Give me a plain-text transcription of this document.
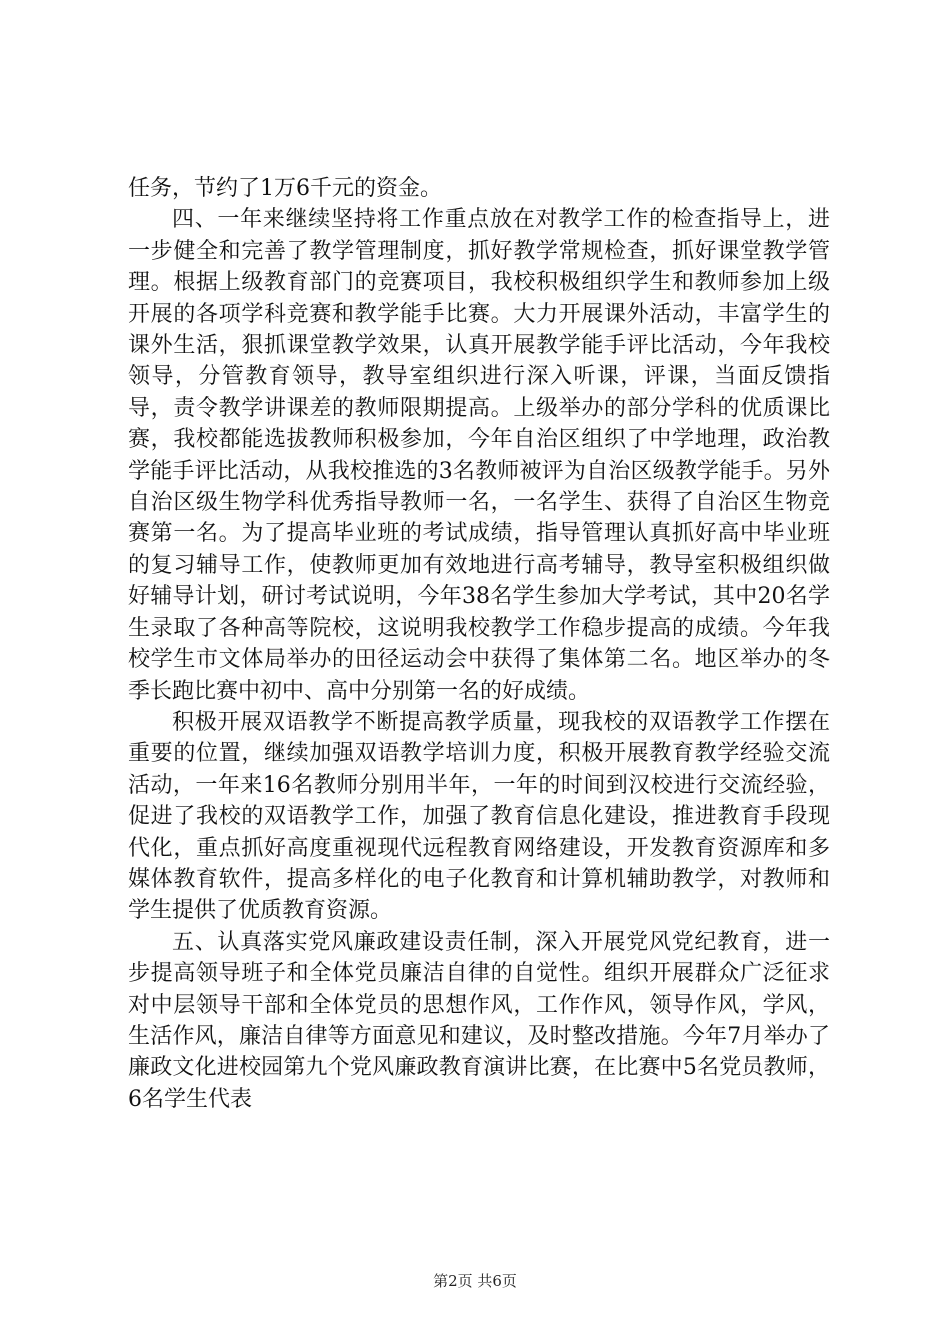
任务，节约了1万6千元的资金。

四、一年来继续坚持将工作重点放在对教学工作的检查指导上，进一步健全和完善了教学管理制度，抓好教学常规检查，抓好课堂教学管理。根据上级教育部门的竞赛项目，我校积极组织学生和教师参加上级开展的各项学科竞赛和教学能手比赛。大力开展课外活动，丰富学生的课外生活，狠抓课堂教学效果，认真开展教学能手评比活动，今年我校领导，分管教育领导，教导室组织进行深入听课，评课，当面反馈指导，责令教学讲课差的教师限期提高。上级举办的部分学科的优质课比赛，我校都能选拔教师积极参加，今年自治区组织了中学地理，政治教学能手评比活动，从我校推选的3名教师被评为自治区级教学能手。另外自治区级生物学科优秀指导教师一名，一名学生、获得了自治区生物竞赛第一名。为了提高毕业班的考试成绩，指导管理认真抓好高中毕业班的复习辅导工作，使教师更加有效地进行高考辅导，教导室积极组织做好辅导计划，研讨考试说明，今年38名学生参加大学考试，其中20名学生录取了各种高等院校，这说明我校教学工作稳步提高的成绩。今年我校学生市文体局举办的田径运动会中获得了集体第二名。地区举办的冬季长跑比赛中初中、高中分别第一名的好成绩。

积极开展双语教学不断提高教学质量，现我校的双语教学工作摆在重要的位置，继续加强双语教学培训力度，积极开展教育教学经验交流活动，一年来16名教师分别用半年，一年的时间到汉校进行交流经验，促进了我校的双语教学工作，加强了教育信息化建设，推进教育手段现代化，重点抓好高度重视现代远程教育网络建设，开发教育资源库和多媒体教育软件，提高多样化的电子化教育和计算机辅助教学，对教师和学生提供了优质教育资源。

五、认真落实党风廉政建设责任制，深入开展党风党纪教育，进一步提高领导班子和全体党员廉洁自律的自觉性。组织开展群众广泛征求对中层领导干部和全体党员的思想作风，工作作风，领导作风，学风，生活作风，廉洁自律等方面意见和建议，及时整改措施。今年7月举办了廉政文化进校园第九个党风廉政教育演讲比赛，在比赛中5名党员教师，6名学生代表

第2页 共6页
